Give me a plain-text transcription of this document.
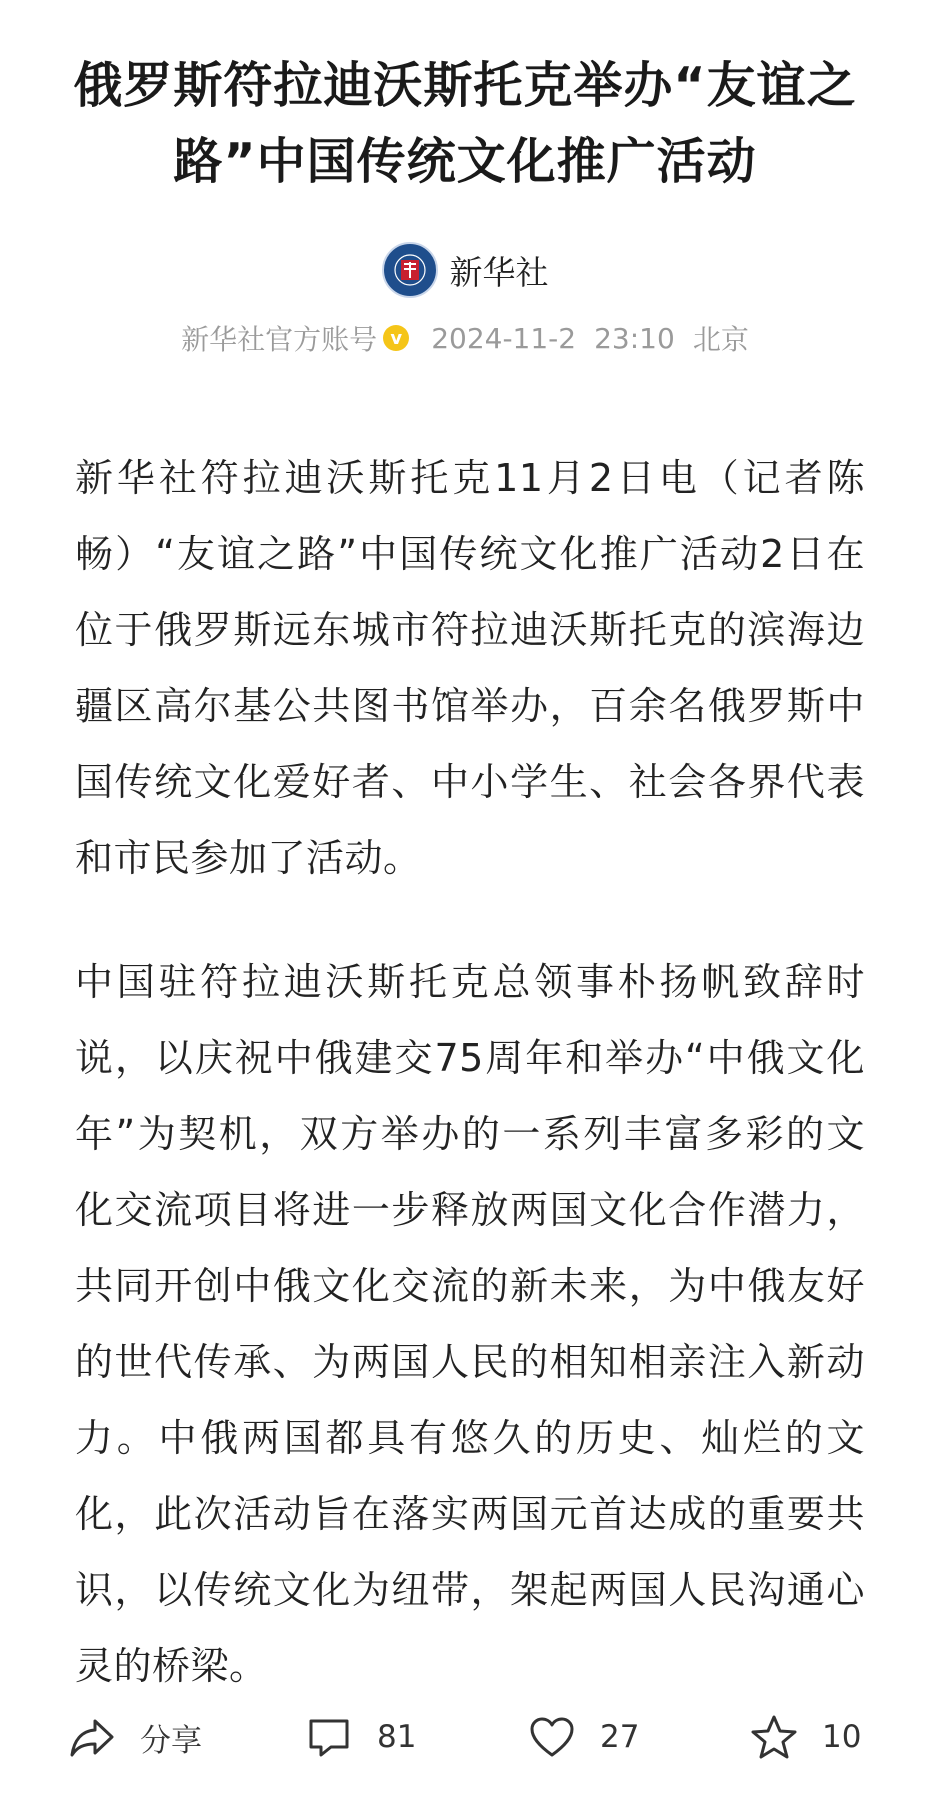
俄罗斯符拉迪沃斯托克举办“友谊之路”中国传统文化推广活动
新华社
新华社官方账号 v 2024-11-2 23:10 北京

新华社符拉迪沃斯托克11月2日电（记者陈畅）“友谊之路”中国传统文化推广活动2日在位于俄罗斯远东城市符拉迪沃斯托克的滨海边疆区高尔基公共图书馆举办，百余名俄罗斯中国传统文化爱好者、中小学生、社会各界代表和市民参加了活动。

中国驻符拉迪沃斯托克总领事朴扬帆致辞时说，以庆祝中俄建交75周年和举办“中俄文化年”为契机，双方举办的一系列丰富多彩的文化交流项目将进一步释放两国文化合作潜力，共同开创中俄文化交流的新未来，为中俄友好的世代传承、为两国人民的相知相亲注入新动力。中俄两国都具有悠久的历史、灿烂的文化，此次活动旨在落实两国元首达成的重要共识，以传统文化为纽带，架起两国人民沟通心灵的桥梁。

分享	81	27	10
